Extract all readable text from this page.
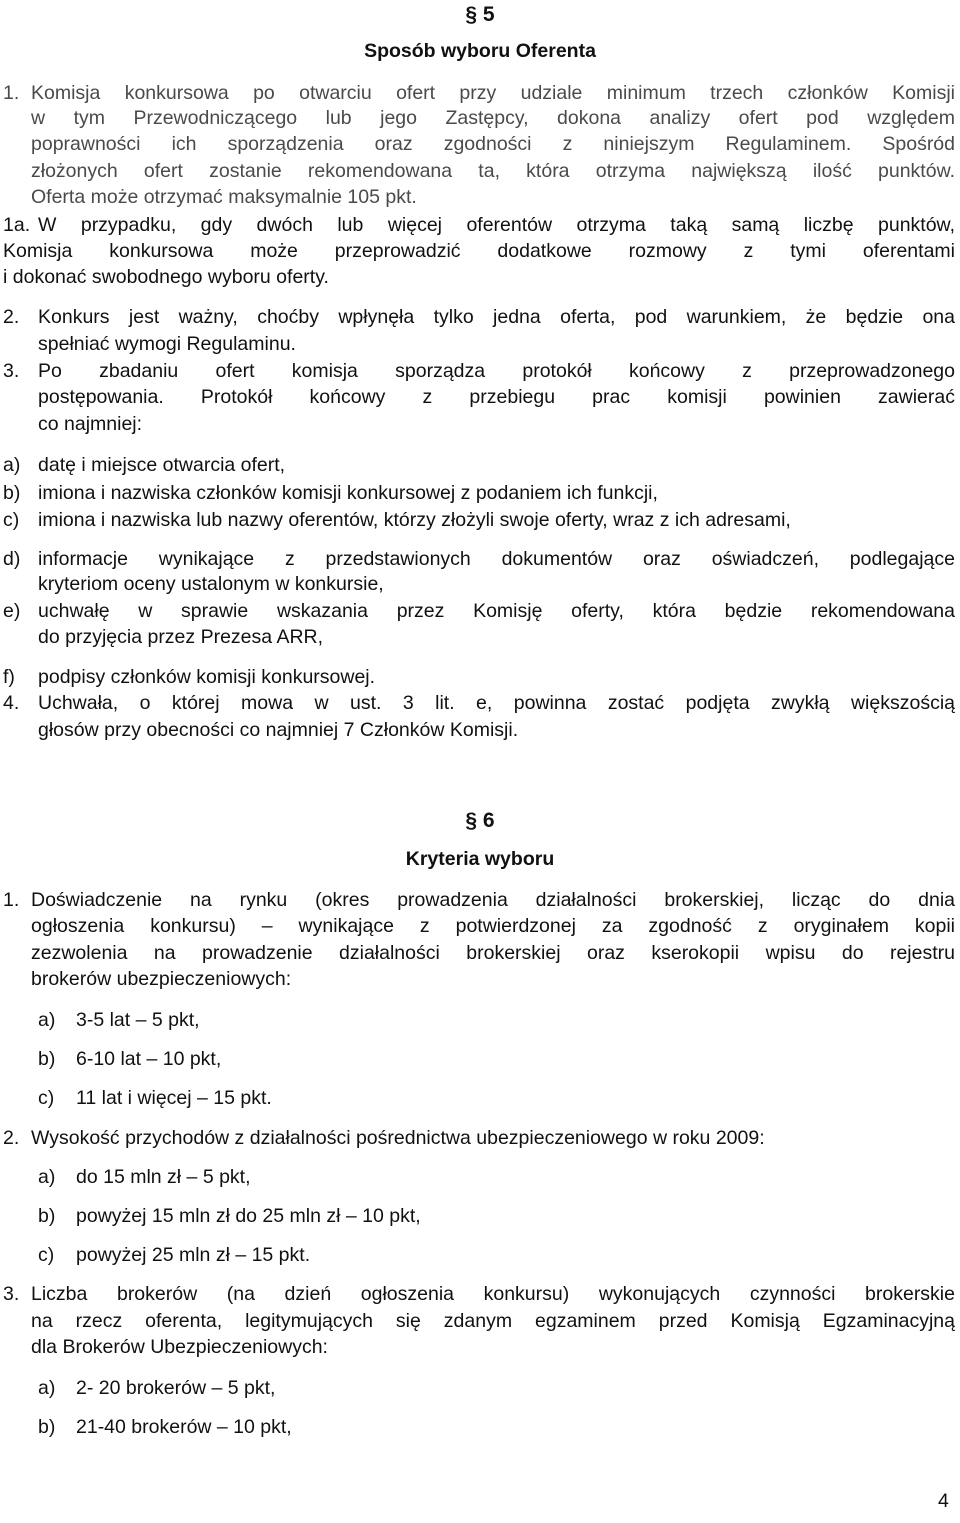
§ 5
Sposób wyboru Oferenta
1. Komisja konkursowa po otwarciu ofert przy udziale minimum trzech członków Komisji
w tym Przewodniczącego lub jego Zastępcy, dokona analizy ofert pod względem
poprawności ich sporządzenia oraz zgodności z niniejszym Regulaminem. Spośród
złożonych ofert zostanie rekomendowana ta, która otrzyma największą ilość punktów.
Oferta może otrzymać maksymalnie 105 pkt.
1a. W przypadku, gdy dwóch lub więcej oferentów otrzyma taką samą liczbę punktów,
Komisja konkursowa może przeprowadzić dodatkowe rozmowy z tymi oferentami
i dokonać swobodnego wyboru oferty.
2. Konkurs jest ważny, choćby wpłynęła tylko jedna oferta, pod warunkiem, że będzie ona
spełniać wymogi Regulaminu.
3. Po zbadaniu ofert komisja sporządza protokół końcowy z przeprowadzonego
postępowania. Protokół końcowy z przebiegu prac komisji powinien zawierać
co najmniej:
a) datę i miejsce otwarcia ofert,
b) imiona i nazwiska członków komisji konkursowej z podaniem ich funkcji,
c) imiona i nazwiska lub nazwy oferentów, którzy złożyli swoje oferty, wraz z ich adresami,
d) informacje wynikające z przedstawionych dokumentów oraz oświadczeń, podlegające
kryteriom oceny ustalonym w konkursie,
e) uchwałę w sprawie wskazania przez Komisję oferty, która będzie rekomendowana
do przyjęcia przez Prezesa ARR,
f) podpisy członków komisji konkursowej.
4. Uchwała, o której mowa w ust. 3 lit. e, powinna zostać podjęta zwykłą większością
głosów przy obecności co najmniej 7 Członków Komisji.
§ 6
Kryteria wyboru
1. Doświadczenie na rynku (okres prowadzenia działalności brokerskiej, licząc do dnia
ogłoszenia konkursu) – wynikające z potwierdzonej za zgodność z oryginałem kopii
zezwolenia na prowadzenie działalności brokerskiej oraz kserokopii wpisu do rejestru
brokerów ubezpieczeniowych:
a) 3-5 lat – 5 pkt,
b) 6-10 lat – 10 pkt,
c) 11 lat i więcej – 15 pkt.
2. Wysokość przychodów z działalności pośrednictwa ubezpieczeniowego w roku 2009:
a) do 15 mln zł – 5 pkt,
b) powyżej 15 mln zł do 25 mln zł – 10 pkt,
c) powyżej 25 mln zł – 15 pkt.
3. Liczba brokerów (na dzień ogłoszenia konkursu) wykonujących czynności brokerskie
na rzecz oferenta, legitymujących się zdanym egzaminem przed Komisją Egzaminacyjną
dla Brokerów Ubezpieczeniowych:
a) 2- 20 brokerów – 5 pkt,
b) 21-40 brokerów – 10 pkt,
4
